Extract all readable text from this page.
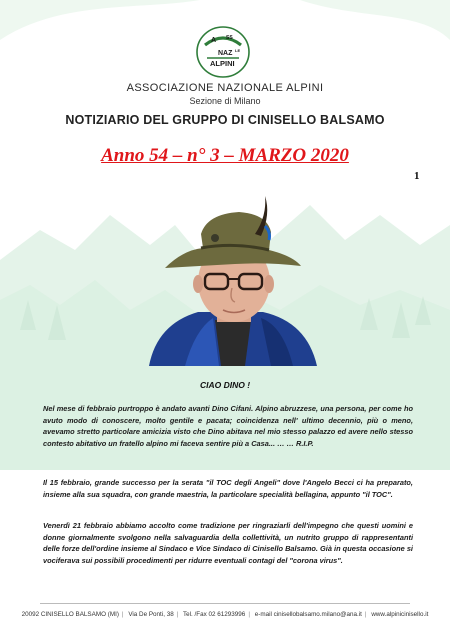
A SS
NAZ LE
ALPINI
ASSOCIAZIONE NAZIONALE ALPINI
Sezione di Milano
NOTIZIARIO DEL GRUPPO DI CINISELLO BALSAMO
Anno 54 – n° 3 – MARZO 2020
1
CIAO DINO !

Nel mese di febbraio purtroppo è andato avanti Dino Cifani. Alpino abruzzese, una persona, per come ho avuto modo di conoscere, molto gentile e pacata; coincidenza nell' ultimo decennio, più o meno, avevamo stretto particolare amicizia visto che Dino abitava nel mio stesso palazzo ed avere nello stesso contesto abitativo un fratello alpino mi faceva sentire più a Casa... … … R.I.P.

Il 15 febbraio, grande successo per la serata "il TOC degli Angeli" dove l'Angelo Becci ci ha preparato, insieme alla sua squadra, con grande maestria, la particolare specialità bellagina, appunto "il TOC".

Venerdì 21 febbraio abbiamo accolto come tradizione per ringraziarli dell'impegno che questi uomini e donne giornalmente svolgono nella salvaguardia della collettività, un nutrito gruppo di rappresentanti delle forze dell'ordine insieme al Sindaco e Vice Sindaco di Cinisello Balsamo. Già in questa occasione si vociferava sui possibili procedimenti per ridurre eventuali contagi del "corona virus".

20092 CINISELLO BALSAMO (MI) | Via De Ponti, 38 | Tel. /Fax 02 61293996 | e-mail cinisellobalsamo.milano@ana.it | www.alpinicinisello.it
